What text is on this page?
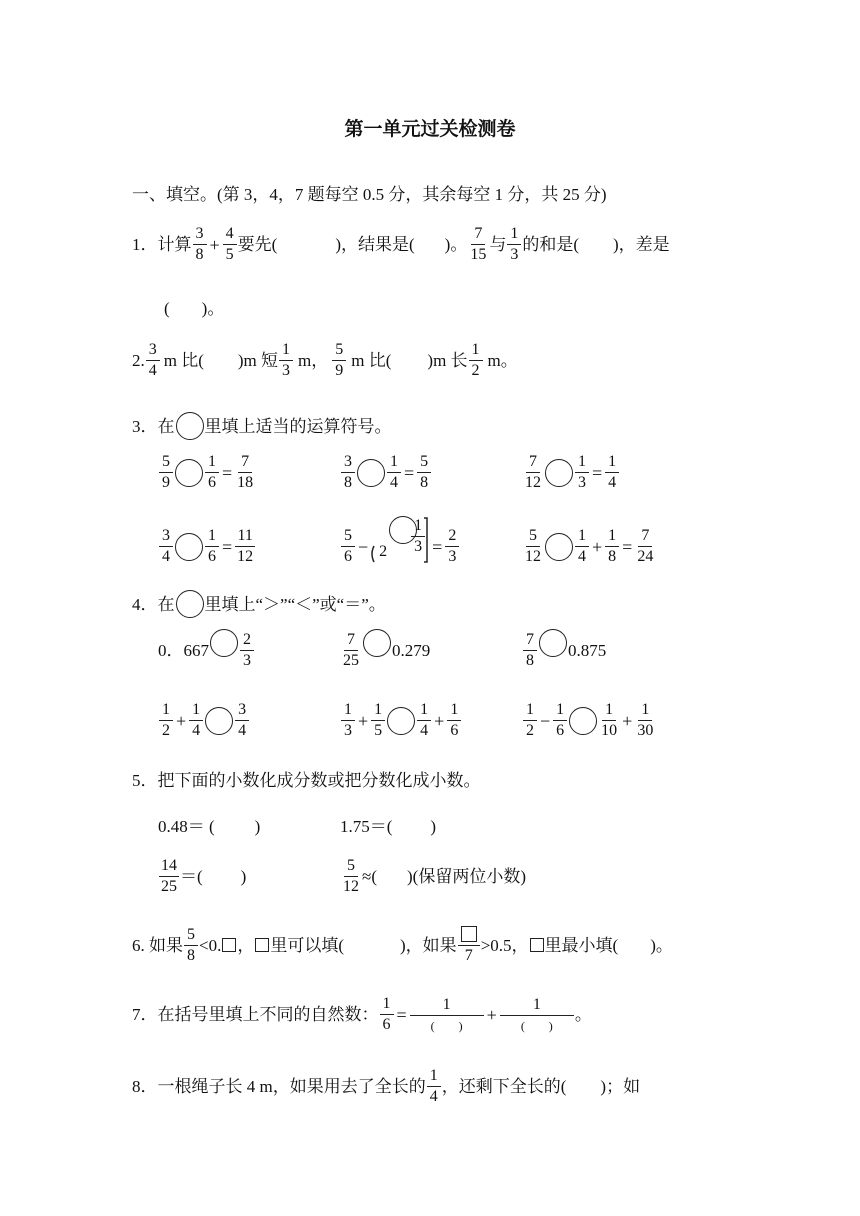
第一单元过关检测卷
一、填空。(第 3，4，7 题每空 0.5 分，其余每空 1 分，共 25 分)
1．计算 $\frac{3}{8} + \frac{4}{5}$ 要先(	)，结果是( )。 $\frac{7}{15}$ 与 $\frac{1}{3}$ 的和是( )，差是
( )。
2. $\frac{3}{4}$ m 比( )m 短 $\frac{1}{3}$ m， $\frac{5}{9}$ m 比( )m 长 $\frac{1}{2}$ m。
3．在 里填上适当的运算符号。
$\frac{5}{9} \frac{1}{6} = \frac{7}{18}$	$\frac{3}{8} \frac{1}{4} = \frac{5}{8}$	$\frac{7}{12} \frac{1}{3} = \frac{1}{4}$
$\frac{3}{4} \frac{1}{6} = \frac{11}{12}$	$\frac{5}{6} - 2 \frac{1}{3} = \frac{2}{3}$	$\frac{5}{12} \frac{1}{4} + \frac{1}{8} = \frac{7}{24}$
4．在 里填上“＞”“＜”或“＝”。
0．$667 \frac{2}{3}$	$\frac{7}{25} 0.279$	$\frac{7}{8} 0.875$
$\frac{1}{2} + \frac{1}{4} \frac{3}{4}$	$\frac{1}{3} + \frac{1}{5} \frac{1}{4} + \frac{1}{6}$	$\frac{1}{2} - \frac{1}{6} \frac{1}{10} + \frac{1}{30}$
5．把下面的小数化成分数或把分数化成小数。
0.48＝ ( )	1.75＝( )
$\frac{14}{25}$ ＝( )	$\frac{5}{12}$ ≈( )(保留两位小数)
6. 如果 $\frac{5}{8} <0$. ， 里可以填(	)，如果
7
>0.5， 里最小填( )。
7．在括号里填上不同的自然数： $\frac{1}{6} = \frac{1}{( )} + \frac{1}{( )}$ 。
8．一根绳子长 4 m，如果用去了全长的 $\frac{1}{4}$ ，还剩下全长的( )；如
